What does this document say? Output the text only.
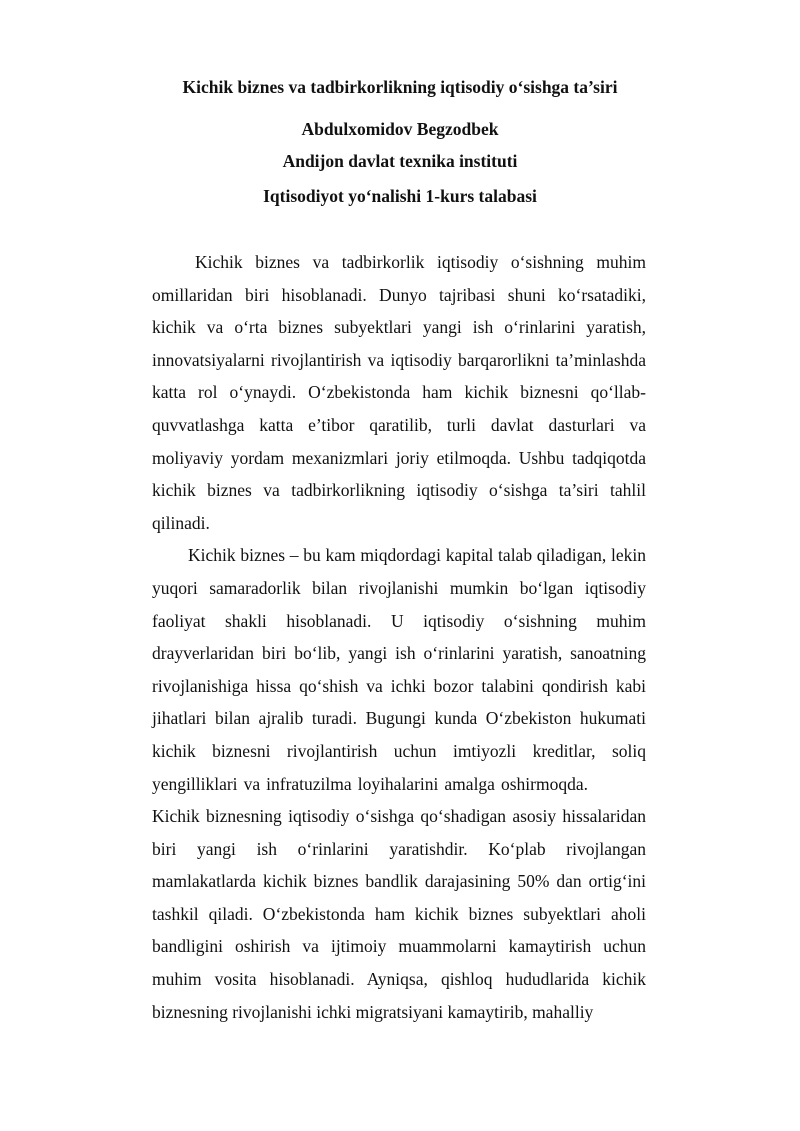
Kichik biznes va tadbirkorlikning iqtisodiy o‘sishga ta’siri
Abdulxomidov Begzodbek
Andijon davlat texnika instituti
Iqtisodiyot yo‘nalishi 1-kurs talabasi

Kichik biznes va tadbirkorlik iqtisodiy o‘sishning muhim omillaridan biri hisoblanadi. Dunyo tajribasi shuni ko‘rsatadiki, kichik va o‘rta biznes subyektlari yangi ish o‘rinlarini yaratish, innovatsiyalarni rivojlantirish va iqtisodiy barqarorlikni ta’minlashda katta rol o‘ynaydi. O‘zbekistonda ham kichik biznesni qo‘llab-quvvatlashga katta e’tibor qaratilib, turli davlat dasturlari va moliyaviy yordam mexanizmlari joriy etilmoqda. Ushbu tadqiqotda kichik biznes va tadbirkorlikning iqtisodiy o‘sishga ta’siri tahlil qilinadi.

Kichik biznes – bu kam miqdordagi kapital talab qiladigan, lekin yuqori samaradorlik bilan rivojlanishi mumkin bo‘lgan iqtisodiy faoliyat shakli hisoblanadi. U iqtisodiy o‘sishning muhim drayverlaridan biri bo‘lib, yangi ish o‘rinlarini yaratish, sanoatning rivojlanishiga hissa qo‘shish va ichki bozor talabini qondirish kabi jihatlari bilan ajralib turadi. Bugungi kunda O‘zbekiston hukumati kichik biznesni rivojlantirish uchun imtiyozli kreditlar, soliq yengilliklari va infratuzilma loyihalarini amalga oshirmoqda.Kichik biznesning iqtisodiy o‘sishga qo‘shadigan asosiy hissalaridan biri yangi ish o‘rinlarini yaratishdir. Ko‘plab rivojlangan mamlakatlarda kichik biznes bandlik darajasining 50% dan ortig‘ini tashkil qiladi. O‘zbekistonda ham kichik biznes subyektlari aholi bandligini oshirish va ijtimoiy muammolarni kamaytirish uchun muhim vosita hisoblanadi. Ayniqsa, qishloq hududlarida kichik biznesning rivojlanishi ichki migratsiyani kamaytirib, mahalliy
